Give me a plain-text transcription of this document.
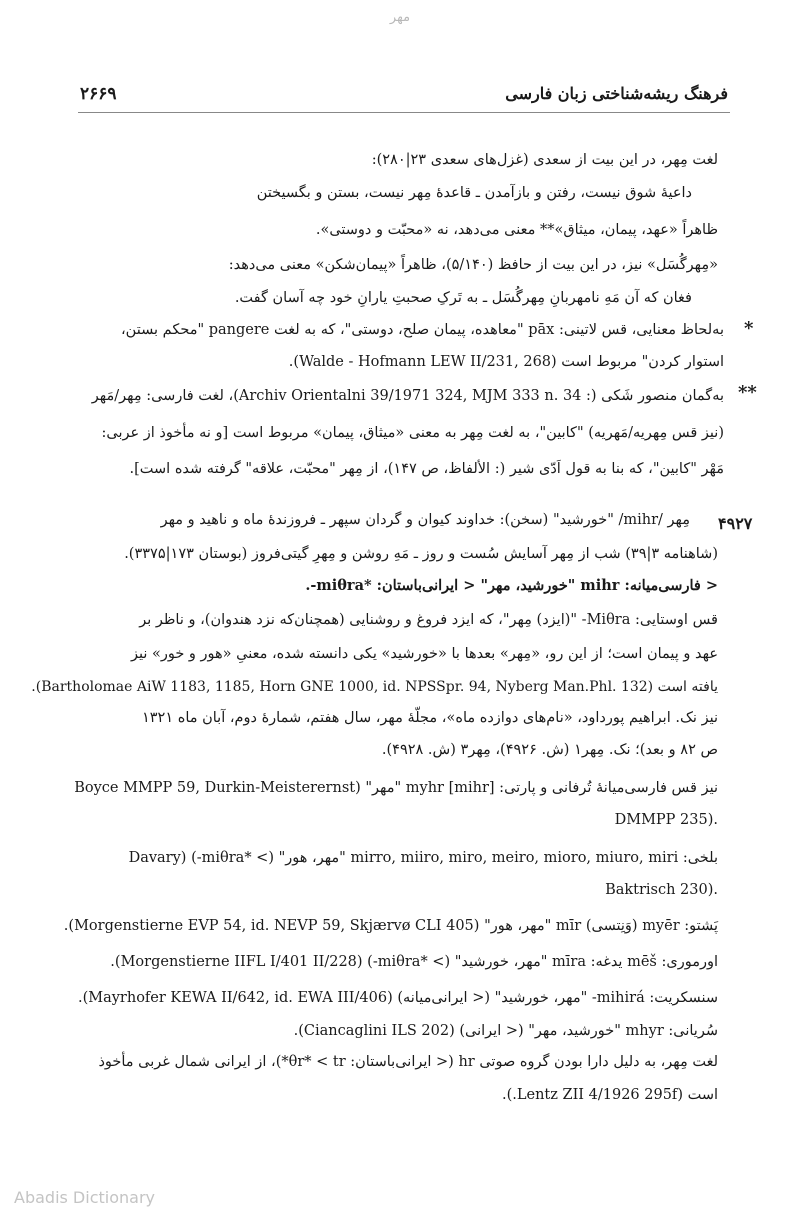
مهر
۲۶۶۹	فرهنگ ریشه‌شناختی زبان فارسی
لغت مِهر، در این بیت از سعدی (غزل‌های سعدی ۲۳|۲۸۰):
داعیهٔ شوق نیست، رفتن و بازآمدن ـ قاعدهٔ مِهر نیست، بستن و بگسیختن
ظاهراً «عهد، پیمان، میثاق»** معنی می‌دهد، نه «محبّت و دوستی».
«مِهرگُسَل» نیز، در این بیت از حافظ (۵/۱۴۰)، ظاهراً «پیمان‌شکن» معنی می‌دهد:
فغان که آن مَهِ نامهربانِ مِهرگُسَل ـ به تَرکِ صحبتِ یارانِ خود چه آسان گفت.
*
به‌لحاظ معنایی، قس لاتینی: pāx "معاهده، پیمان صلح، دوستی"، که به لغت pangere "محکم بستن،
استوار کردن" مربوط است (Walde - Hofmann LEW II/231, 268).
**
به‌گمان منصور شَکی (: Archiv Orientalni 39/1971 324, MJM 333 n. 34)، لغت فارسی: مِهر/مَهر
(نیز قس مِهریه/مَهریه) "کابین"، به لغت مِهر به معنی «میثاق، پیمان» مربوط است [و نه مأخوذ از عربی:
مَهْر "کابین"، که بنا به قول اَدّی شیر (: الألفاظ، ص ۱۴۷)، از مِهر "محبّت، علاقه" گرفته شده است].
۴۹۲۷
مِهر /mihr/ "خورشید" (سخن): خداوند کیوان و گردان سپهر ـ فروزندهٔ ماه و ناهید و مهر
(شاهنامه ۳|۳۹) شب از مِهر آسایش سُست و روز ـ مَهِ روشن و مِهرِ گیتی‌فروز (بوستان ۱۷۳|۳۳۷۵).
< فارسی‌میانه: mihr "خورشید، مهر" < ایرانی‌باستان: *miθra-.
قس اوستایی: Miθra- "(ایزد) مِهر"، که ایزد فروغ و روشنایی (همچنان‌که نزد هندوان)، و ناظر بر
عهد و پیمان است؛ از این رو، «مِهر» بعدها با «خورشید» یکی دانسته شده، معنیِ «هور و خور» نیز
یافته است (Bartholomae AiW 1183, 1185, Horn GNE 1000, id. NPSSpr. 94, Nyberg Man.Phl. 132).
نیز نک. ابراهیم پورداود، «نام‌های دوازده ماه»، مجلّهٔ مهر، سال هفتم، شمارهٔ دوم، آبان ماه ۱۳۲۱
ص ۸۲ و بعد)؛ نک. مِهر۱ (ش. ۴۹۲۶)، مِهر۳ (ش. ۴۹۲۸).
نیز قس فارسی‌میانهٔ تُرفانی و پارتی: myhr [mihr] "مهر" (Boyce MMPP 59, Durkin-Meisterernst
DMMPP 235).
بلخی: mirro, miiro, miro, meiro, mioro, miuro, miri "مهر، هور" (> *miθra-) (Davary
Baktrisch 230).
پَشتو: myēr (وَنِتسی) mīr "مهر، هور" (Morgenstierne EVP 54, id. NEVP 59, Skjærvø CLI 405).
اورموری: mēš یدغه: mīra "مهر، خورشید" (> *miθra-) (Morgenstierne IIFL I/401 II/228).
سنسکریت: mihirá- "مهر، خورشید" (< ایرانی‌میانه) (Mayrhofer KEWA II/642, id. EWA III/406).
سُریانی: mhyr "خورشید، مهر" (< ایرانی) (Ciancaglini ILS 202).
لغت مِهر، به دلیل دارا بودن گروه صوتی hr (< ایرانی‌باستان: θr* < tr*)، از ایرانی شمال غربی مأخوذ
است (Lentz ZII 4/1926 295f.).
Abadis Dictionary
